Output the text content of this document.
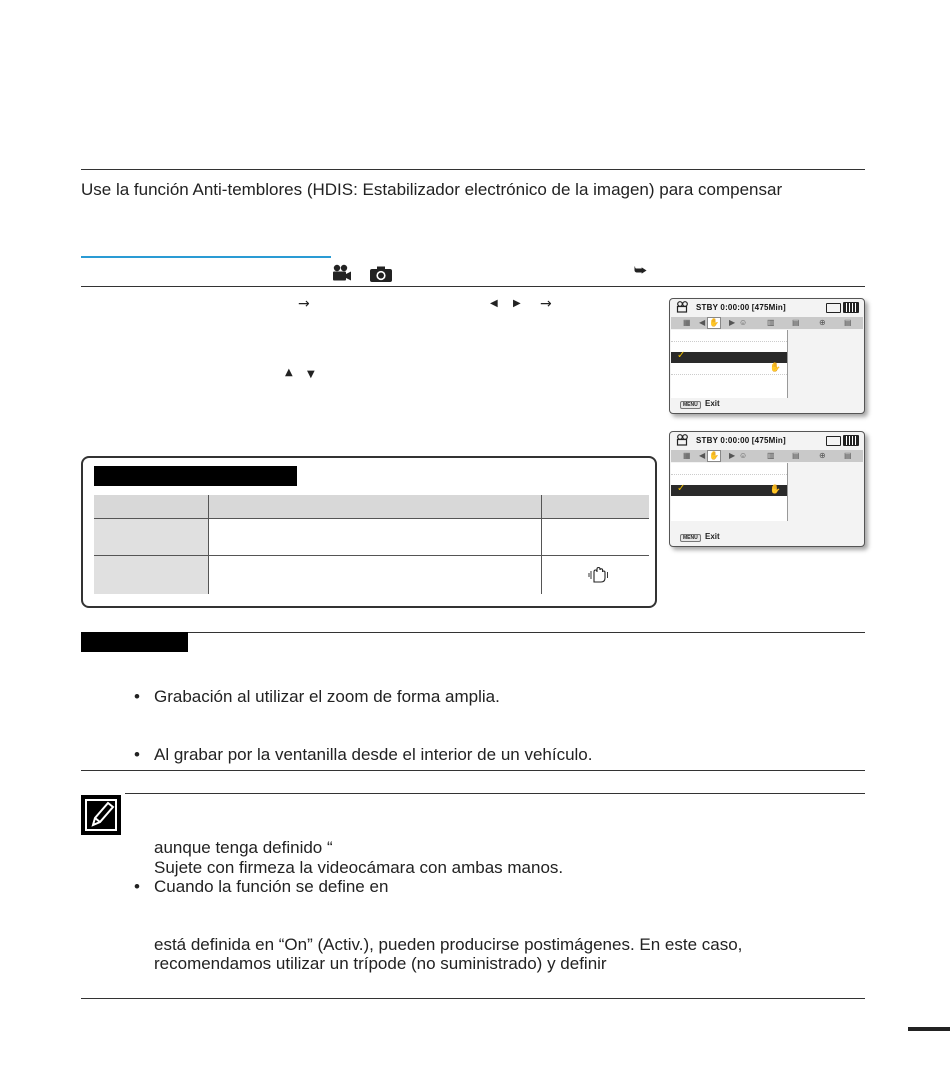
Use la función Anti-temblores (HDIS: Estabilizador electrónico de la imagen) para compensar
⮩
→	◀ ▶ →
▲ ▼
STBY 0:00:00 [475Min]
▦ ◀ ✋ ▶ ☺ ▥ ▤ ⊕ ▤
✓
✋
MENU Exit
STBY 0:00:00 [475Min]
▦ ◀ ✋ ▶ ☺ ▥ ▤ ⊕ ▤
✓	✋
MENU Exit
• Grabación al utilizar el zoom de forma amplia.
• Al grabar por la ventanilla desde el interior de un vehículo.
aunque tenga definido “
Sujete con firmeza la videocámara con ambas manos.
• Cuando la función se define en
está definida en “On” (Activ.), pueden producirse postimágenes. En este caso,
recomendamos utilizar un trípode (no suministrado) y definir
